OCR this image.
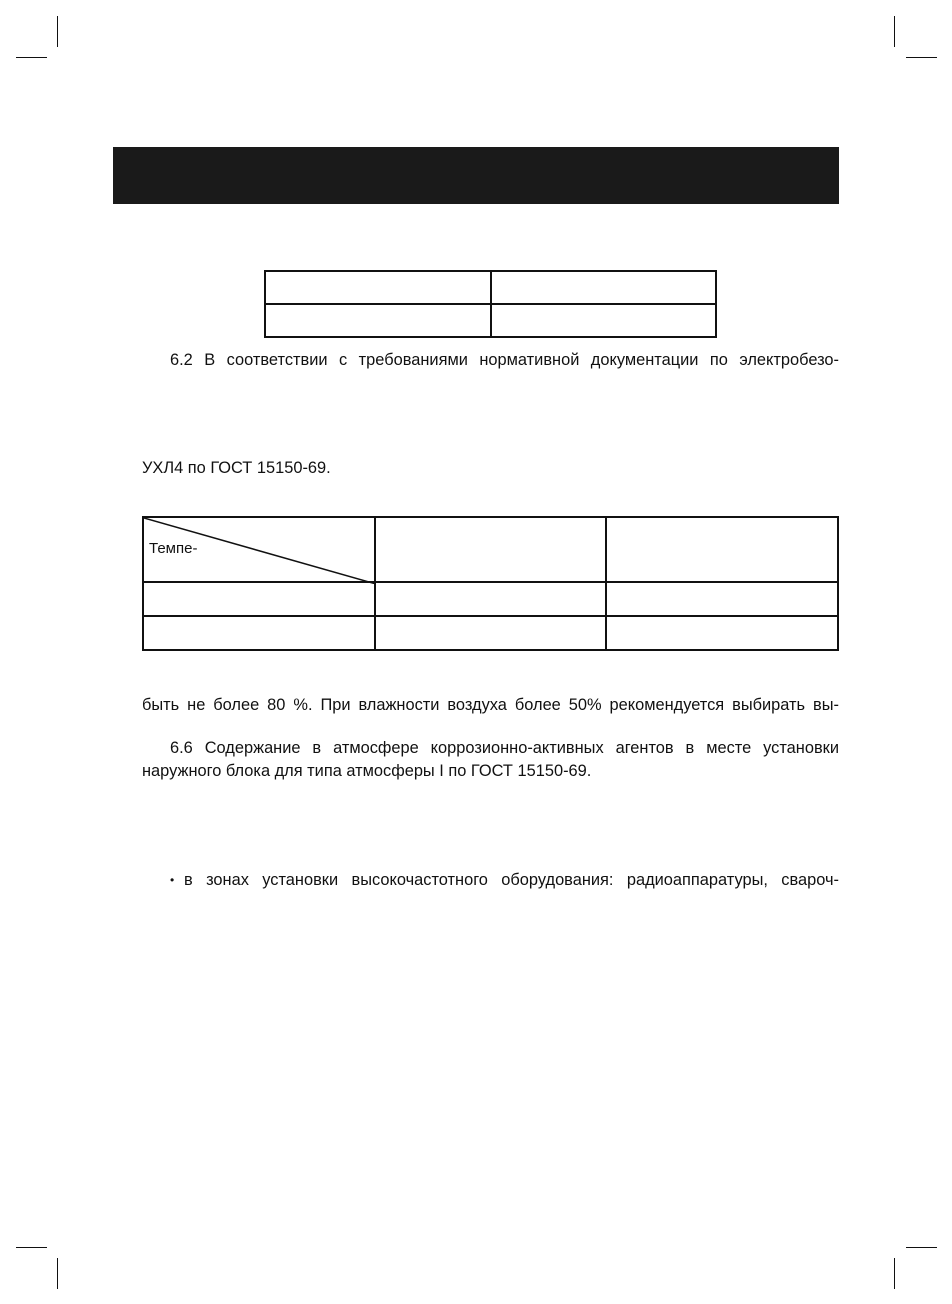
6.2 В соответствии с требованиями нормативной документации по электробезо-
УХЛ4 по ГОСТ 15150-69.
Темпе-		

быть не более 80 %. При влажности воздуха более 50% рекомендуется выбирать вы-
6.6 Содержание в атмосфере коррозионно-активных агентов в месте установки
наружного блока для типа атмосферы I по ГОСТ 15150-69.
• в зонах установки высокочастотного оборудования: радиоаппаратуры, свароч-
